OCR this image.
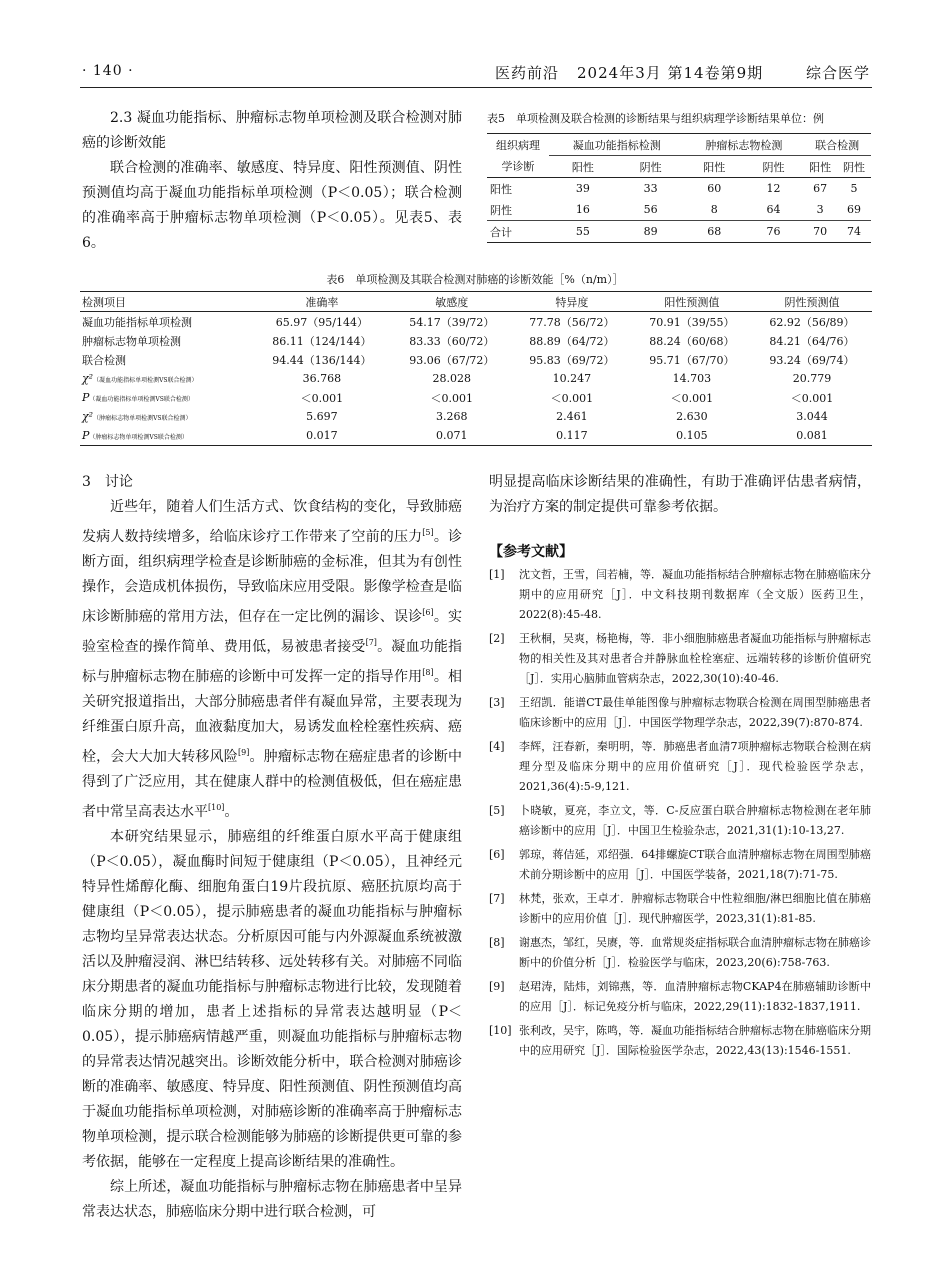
· 140 ·	医药前沿 2024年3月 第14卷第9期	综合医学

2.3 凝血功能指标、肿瘤标志物单项检测及联合检测对肺癌的诊断效能

联合检测的准确率、敏感度、特异度、阳性预测值、阴性预测值均高于凝血功能指标单项检测（P＜0.05）；联合检测的准确率高于肿瘤标志物单项检测（P＜0.05）。见表5、表6。

表5　单项检测及联合检测的诊断结果与组织病理学诊断结果单位：例
组织病理	凝血功能指标检测		肿瘤标志物检测		联合检测	
学诊断	阳性	阴性	阳性	阴性	阳性	阴性
阳性	39	33	60	12	67	5
阴性	16	56	8	64	3	69
合计	55	89	68	76	70	74
表6　单项检测及其联合检测对肺癌的诊断效能［%（n/m）］
检测项目	准确率	敏感度	特异度	阳性预测值	阴性预测值
凝血功能指标单项检测	65.97（95/144）	54.17（39/72）	77.78（56/72）	70.91（39/55）	62.92（56/89）
肿瘤标志物单项检测	86.11（124/144）	83.33（60/72）	88.89（64/72）	88.24（60/68）	84.21（64/76）
联合检测	94.44（136/144）	93.06（67/72）	95.83（69/72）	95.71（67/70）	93.24（69/74）
χ²（凝血功能指标单项检测VS联合检测）	36.768	28.028	10.247	14.703	20.779
P（凝血功能指标单项检测VS联合检测）	＜0.001	＜0.001	＜0.001	＜0.001	＜0.001
χ²（肿瘤标志物单项检测VS联合检测）	5.697	3.268	2.461	2.630	3.044
P（肿瘤标志物单项检测VS联合检测）	0.017	0.071	0.117	0.105	0.081

3　讨论

近些年，随着人们生活方式、饮食结构的变化，导致肺癌发病人数持续增多，给临床诊疗工作带来了空前的压力[5]。诊断方面，组织病理学检查是诊断肺癌的金标准，但其为有创性操作，会造成机体损伤，导致临床应用受限。影像学检查是临床诊断肺癌的常用方法，但存在一定比例的漏诊、误诊[6]。实验室检查的操作简单、费用低，易被患者接受[7]。凝血功能指标与肿瘤标志物在肺癌的诊断中可发挥一定的指导作用[8]。相关研究报道指出，大部分肺癌患者伴有凝血异常，主要表现为纤维蛋白原升高，血液黏度加大，易诱发血栓栓塞性疾病、癌栓，会大大加大转移风险[9]。肿瘤标志物在癌症患者的诊断中得到了广泛应用，其在健康人群中的检测值极低，但在癌症患者中常呈高表达水平[10]。

本研究结果显示，肺癌组的纤维蛋白原水平高于健康组（P＜0.05），凝血酶时间短于健康组（P＜0.05），且神经元特异性烯醇化酶、细胞角蛋白19片段抗原、癌胚抗原均高于健康组（P＜0.05），提示肺癌患者的凝血功能指标与肿瘤标志物均呈异常表达状态。分析原因可能与内外源凝血系统被激活以及肿瘤浸润、淋巴结转移、远处转移有关。对肺癌不同临床分期患者的凝血功能指标与肿瘤标志物进行比较，发现随着临床分期的增加，患者上述指标的异常表达越明显（P＜0.05），提示肺癌病情越严重，则凝血功能指标与肿瘤标志物的异常表达情况越突出。诊断效能分析中，联合检测对肺癌诊断的准确率、敏感度、特异度、阳性预测值、阴性预测值均高于凝血功能指标单项检测，对肺癌诊断的准确率高于肿瘤标志物单项检测，提示联合检测能够为肺癌的诊断提供更可靠的参考依据，能够在一定程度上提高诊断结果的准确性。

综上所述，凝血功能指标与肿瘤标志物在肺癌患者中呈异常表达状态，肺癌临床分期中进行联合检测，可

明显提高临床诊断结果的准确性，有助于准确评估患者病情，为治疗方案的制定提供可靠参考依据。

【参考文献】
[1]	沈文哲，王雪，闫若楠，等．凝血功能指标结合肿瘤标志物在肺癌临床分期中的应用研究［J］．中文科技期刊数据库（全文版）医药卫生，2022(8):45-48.
[2]	王秋桐，吴爽，杨艳梅，等．非小细胞肺癌患者凝血功能指标与肿瘤标志物的相关性及其对患者合并静脉血栓栓塞症、远端转移的诊断价值研究［J］．实用心脑肺血管病杂志，2022,30(10):40-46.
[3]	王绍凯．能谱CT最佳单能图像与肿瘤标志物联合检测在周围型肺癌患者临床诊断中的应用［J］．中国医学物理学杂志，2022,39(7):870-874.
[4]	李辉，汪春新，秦明明，等．肺癌患者血清7项肿瘤标志物联合检测在病理分型及临床分期中的应用价值研究［J］．现代检验医学杂志，2021,36(4):5-9,121.
[5]	卜晓敏，夏亮，李立文，等．C-反应蛋白联合肿瘤标志物检测在老年肺癌诊断中的应用［J］．中国卫生检验杂志，2021,31(1):10-13,27.
[6]	郭琼，蒋佶延，邓绍强．64排螺旋CT联合血清肿瘤标志物在周围型肺癌术前分期诊断中的应用［J］．中国医学装备，2021,18(7):71-75.
[7]	林梵，张欢，王卓才．肿瘤标志物联合中性粒细胞/淋巴细胞比值在肺癌诊断中的应用价值［J］．现代肿瘤医学，2023,31(1):81-85.
[8]	谢惠杰，邹红，吴赓，等．血常规炎症指标联合血清肿瘤标志物在肺癌诊断中的价值分析［J］．检验医学与临床，2023,20(6):758-763.
[9]	赵珺涛，陆炜，刘锦燕，等．血清肿瘤标志物CKAP4在肺癌辅助诊断中的应用［J］．标记免疫分析与临床，2022,29(11):1832-1837,1911.
[10] 张利改，吴宇，陈鸣，等．凝血功能指标结合肿瘤标志物在肺癌临床分期中的应用研究［J］．国际检验医学杂志，2022,43(13):1546-1551.
